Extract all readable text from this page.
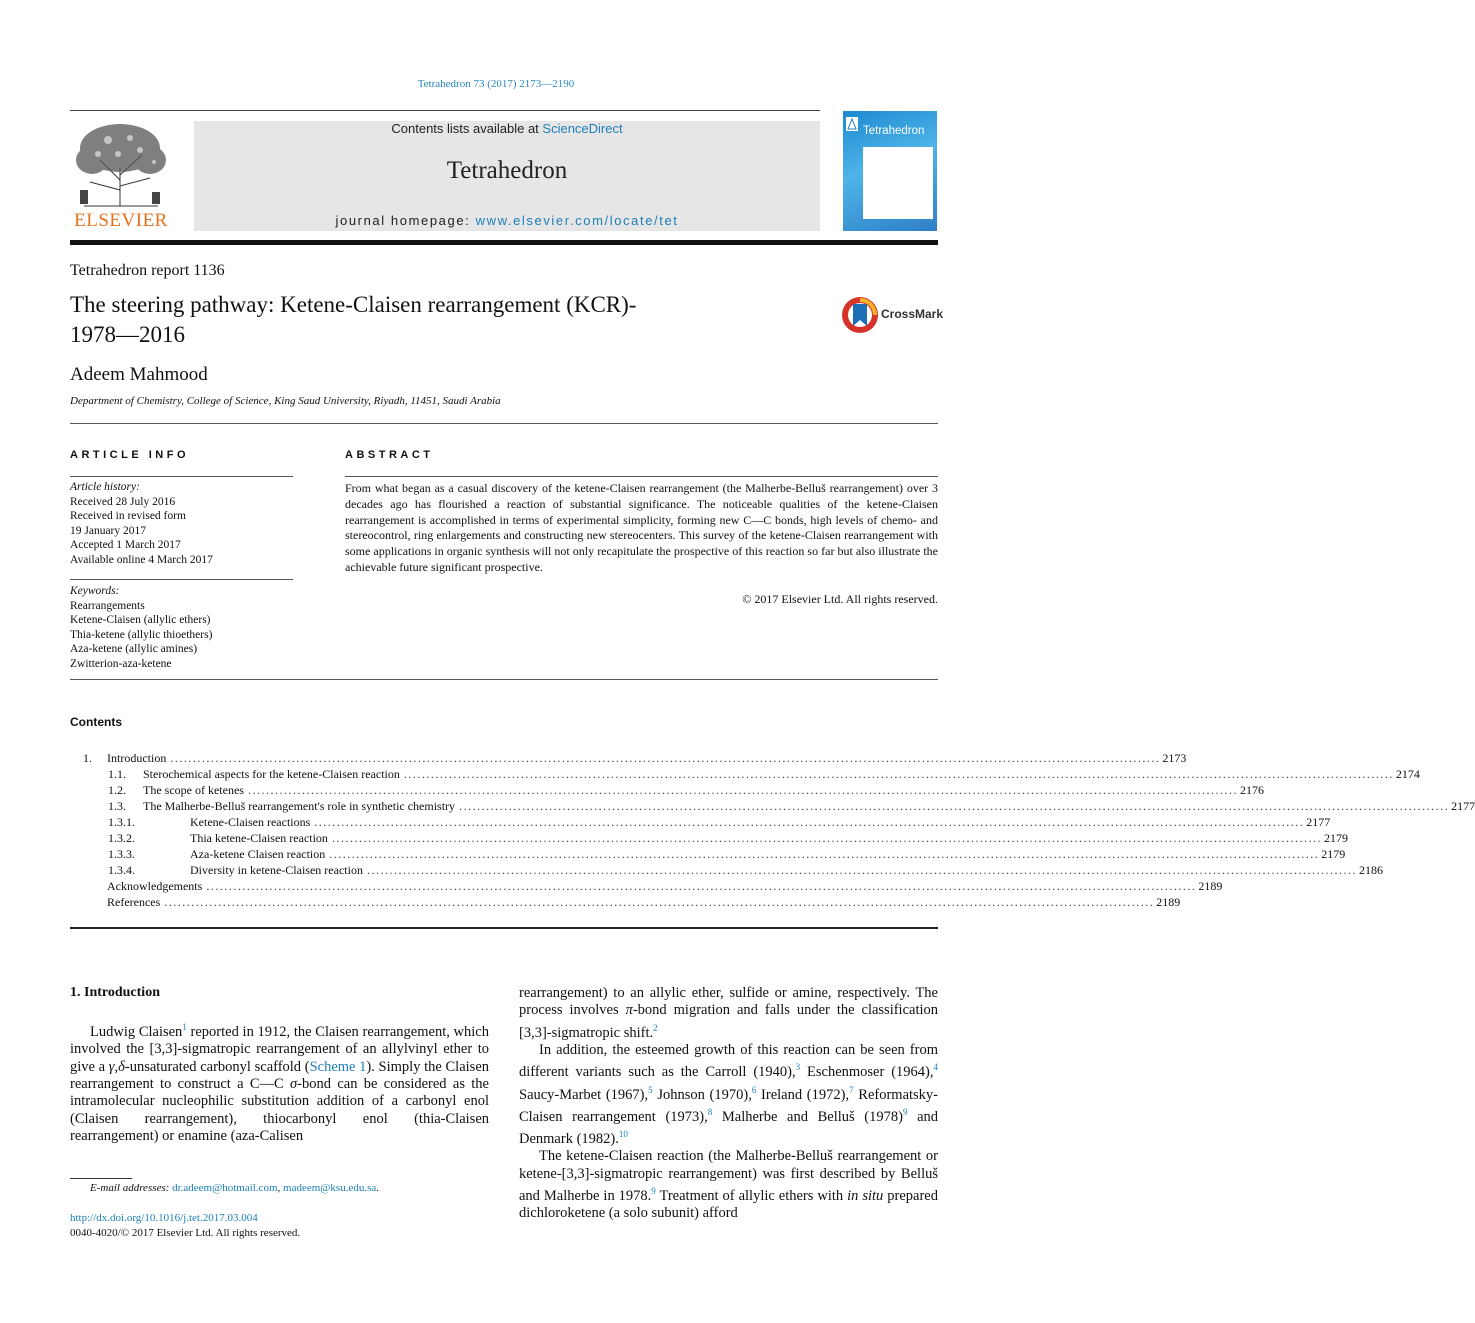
Tetrahedron 73 (2017) 2173—2190
ELSEVIER
Contents lists available at ScienceDirect
Tetrahedron
journal homepage: www.elsevier.com/locate/tet
Tetrahedron
Tetrahedron report 1136
The steering pathway: Ketene-Claisen rearrangement (KCR)-
1978—2016
CrossMark
Adeem Mahmood
Department of Chemistry, College of Science, King Saud University, Riyadh, 11451, Saudi Arabia
ARTICLE INFO
Article history:
Received 28 July 2016
Received in revised form
19 January 2017
Accepted 1 March 2017
Available online 4 March 2017
Keywords:
Rearrangements
Ketene-Claisen (allylic ethers)
Thia-ketene (allylic thioethers)
Aza-ketene (allylic amines)
Zwitterion-aza-ketene
ABSTRACT
From what began as a casual discovery of the ketene-Claisen rearrangement (the Malherbe-Belluš rearrangement) over 3 decades ago has flourished a reaction of substantial significance. The noticeable qualities of the ketene-Claisen rearrangement is accomplished in terms of experimental simplicity, forming new C—C bonds, high levels of chemo- and stereocontrol, ring enlargements and constructing new stereocenters. This survey of the ketene-Claisen rearrangement with some applications in organic synthesis will not only recapitulate the prospective of this reaction so far but also illustrate the achievable future significant prospective.
© 2017 Elsevier Ltd. All rights reserved.
Contents
1. Introduction ............................................................................................................................................................................................................................ 2173
1.1. Sterochemical aspects for the ketene-Claisen reaction ............................................................................................................................................................................................................................ 2174
1.2. The scope of ketenes ............................................................................................................................................................................................................................ 2176
1.3. The Malherbe-Belluš rearrangement's role in synthetic chemistry ............................................................................................................................................................................................................................ 2177
1.3.1.	Ketene-Claisen reactions ............................................................................................................................................................................................................................ 2177
1.3.2.	Thia ketene-Claisen reaction ............................................................................................................................................................................................................................ 2179
1.3.3.	Aza-ketene Claisen reaction ............................................................................................................................................................................................................................ 2179
1.3.4.	Diversity in ketene-Claisen reaction ............................................................................................................................................................................................................................ 2186
Acknowledgements ............................................................................................................................................................................................................................ 2189
References ............................................................................................................................................................................................................................ 2189
1. Introduction

Ludwig Claisen$^1$ reported in 1912, the Claisen rearrangement, which involved the [3,3]-sigmatropic rearrangement of an allylvinyl ether to give a γ,δ-unsaturated carbonyl scaffold (Scheme 1). Simply the Claisen rearrangement to construct a C—C σ-bond can be considered as the intramolecular nucleophilic substitution addition of a carbonyl enol (Claisen rearrangement), thiocarbonyl enol (thia-Claisen rearrangement) or enamine (aza-Calisen

rearrangement) to an allylic ether, sulfide or amine, respectively. The process involves π-bond migration and falls under the classification [3,3]-sigmatropic shift.$^2$

In addition, the esteemed growth of this reaction can be seen from different variants such as the Carroll (1940),$^3$ Eschenmoser (1964),$^4$ Saucy-Marbet (1967),$^5$ Johnson (1970),$^6$ Ireland (1972),$^7$ Reformatsky-Claisen rearrangement (1973),$^8$ Malherbe and Belluš $(1978)^9$ and Denmark (1982).$^{10}$

The ketene-Claisen reaction (the Malherbe-Belluš rearrangement or ketene-[3,3]-sigmatropic rearrangement) was first described by Belluš and Malherbe in 1978.$^9$ Treatment of allylic ethers with in situ prepared dichloroketene (a solo subunit) afford

E-mail addresses: dr.adeem@hotmail.com, madeem@ksu.edu.sa.
http://dx.doi.org/10.1016/j.tet.2017.03.004
0040-4020/© 2017 Elsevier Ltd. All rights reserved.
